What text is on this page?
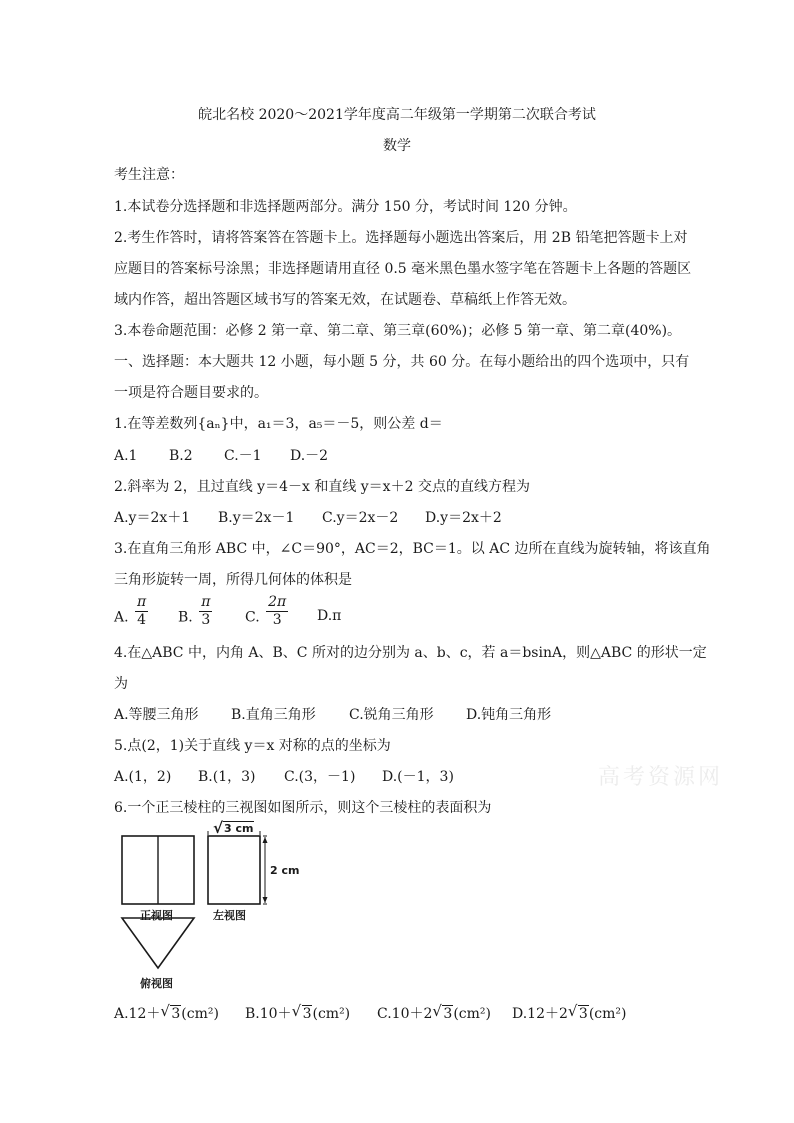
皖北名校 2020～2021学年度高二年级第一学期第二次联合考试
数学
考生注意：
1.本试卷分选择题和非选择题两部分。满分 150 分，考试时间 120 分钟。
2.考生作答时，请将答案答在答题卡上。选择题每小题选出答案后，用 2B 铅笔把答题卡上对
应题目的答案标号涂黑；非选择题请用直径 0.5 毫米黑色墨水签字笔在答题卡上各题的答题区
域内作答，超出答题区域书写的答案无效，在试题卷、草稿纸上作答无效。
3.本卷命题范围：必修 2 第一章、第二章、第三章(60%)；必修 5 第一章、第二章(40%)。
一、选择题：本大题共 12 小题，每小题 5 分，共 60 分。在每小题给出的四个选项中，只有
一项是符合题目要求的。
1.在等差数列{aₙ}中，a₁＝3，a₅＝－5，则公差 d＝
A.1 B.2 C.－1 D.－2
2.斜率为 2，且过直线 y＝4－x 和直线 y＝x＋2 交点的直线方程为
A.y＝2x＋1 B.y＝2x－1 C.y＝2x－2 D.y＝2x＋2
3.在直角三角形 ABC 中，∠C＝90°，AC＝2，BC＝1。以 AC 边所在直线为旋转轴，将该直角
三角形旋转一周，所得几何体的体积是
A. $\frac{\pi}{4} B$. $\frac{\pi}{3} C$. $\frac{2\pi}{3} D.\pi$
4.在△ABC 中，内角 A、B、C 所对的边分别为 a、b、c，若 a＝bsinA，则△ABC 的形状一定
为
A.等腰三角形 B.直角三角形 C.锐角三角形 D.钝角三角形
5.点(2，1)关于直线 y＝x 对称的点的坐标为
A.(1，2) B.(1，3) C.(3，－1) D.(－1，3)	高考资源网
6.一个正三棱柱的三视图如图所示，则这个三棱柱的表面积为
√ 3 cm
2 cm
正视图	左视图
俯视图
A.12＋ √ 3(cm²) B.10＋ √ 3(cm²) C.10＋2 √ 3(cm²) D.12＋2 √ 3(cm²)
